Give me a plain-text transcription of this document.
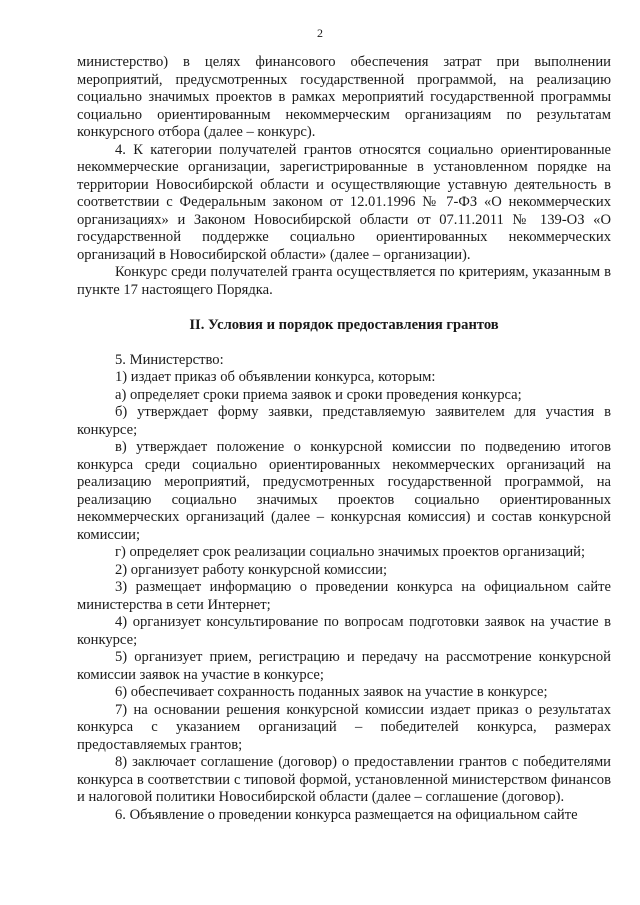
2

министерство) в целях финансового обеспечения затрат при выполнении мероприятий, предусмотренных государственной программой, на реализацию социально значимых проектов в рамках мероприятий государственной программы социально ориентированным некоммерческим организациям по результатам конкурсного отбора (далее – конкурс).

4. К категории получателей грантов относятся социально ориентированные некоммерческие организации, зарегистрированные в установленном порядке на территории Новосибирской области и осуществляющие уставную деятельность в соответствии с Федеральным законом от 12.01.1996 № 7-ФЗ «О некоммерческих организациях» и Законом Новосибирской области от 07.11.2011 № 139-ОЗ «О государственной поддержке социально ориентированных некоммерческих организаций в Новосибирской области» (далее – организации).

Конкурс среди получателей гранта осуществляется по критериям, указанным в пункте 17 настоящего Порядка.

II. Условия и порядок предоставления грантов

5. Министерство:

1) издает приказ об объявлении конкурса, которым:

а) определяет сроки приема заявок и сроки проведения конкурса;

б) утверждает форму заявки, представляемую заявителем для участия в конкурсе;

в) утверждает положение о конкурсной комиссии по подведению итогов конкурса среди социально ориентированных некоммерческих организаций на реализацию мероприятий, предусмотренных государственной программой, на реализацию социально значимых проектов социально ориентированных некоммерческих организаций (далее – конкурсная комиссия) и состав конкурсной комиссии;

г) определяет срок реализации социально значимых проектов организаций;

2) организует работу конкурсной комиссии;

3) размещает информацию о проведении конкурса на официальном сайте министерства в сети Интернет;

4) организует консультирование по вопросам подготовки заявок на участие в конкурсе;

5) организует прием, регистрацию и передачу на рассмотрение конкурсной комиссии заявок на участие в конкурсе;

6) обеспечивает сохранность поданных заявок на участие в конкурсе;

7) на основании решения конкурсной комиссии издает приказ о результатах конкурса с указанием организаций – победителей конкурса, размерах предоставляемых грантов;

8) заключает соглашение (договор) о предоставлении грантов с победителями конкурса в соответствии с типовой формой, установленной министерством финансов и налоговой политики Новосибирской области (далее – соглашение (договор).

6. Объявление о проведении конкурса размещается на официальном сайте
